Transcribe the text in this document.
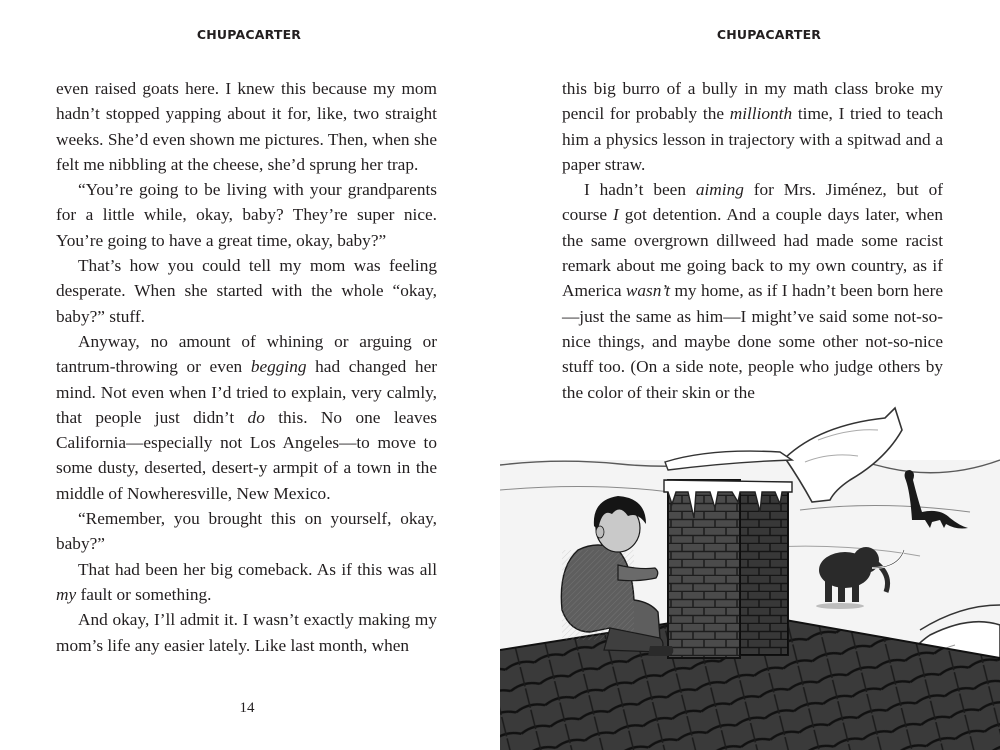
CHUPACARTER

even raised goats here. I knew this because my mom hadn’t stopped yapping about it for, like, two straight weeks. She’d even shown me pictures. Then, when she felt me nibbling at the cheese, she’d sprung her trap.

“You’re going to be living with your grandparents for a little while, okay, baby? They’re super nice. You’re going to have a great time, okay, baby?”

That’s how you could tell my mom was feeling desperate. When she started with the whole “okay, baby?” stuff.

Anyway, no amount of whining or arguing or tantrum-throwing or even begging had changed her mind. Not even when I’d tried to explain, very calmly, that people just didn’t do this. No one leaves California—especially not Los Angeles—to move to some dusty, deserted, desert-y armpit of a town in the middle of Nowheresville, New Mexico.

“Remember, you brought this on yourself, okay, baby?”

That had been her big comeback. As if this was all my fault or something.

And okay, I’ll admit it. I wasn’t exactly making my mom’s life any easier lately. Like last month, when

14
CHUPACARTER

this big burro of a bully in my math class broke my pencil for probably the millionth time, I tried to teach him a physics lesson in trajectory with a spitwad and a paper straw.

I hadn’t been aiming for Mrs. Jiménez, but of course I got detention. And a couple days later, when the same overgrown dillweed had made some racist remark about me going back to my own country, as if America wasn’t my home, as if I hadn’t been born here—just the same as him—I might’ve said some not-so-nice things, and maybe done some other not-so-nice stuff too. (On a side note, people who judge others by the color of their skin or the
